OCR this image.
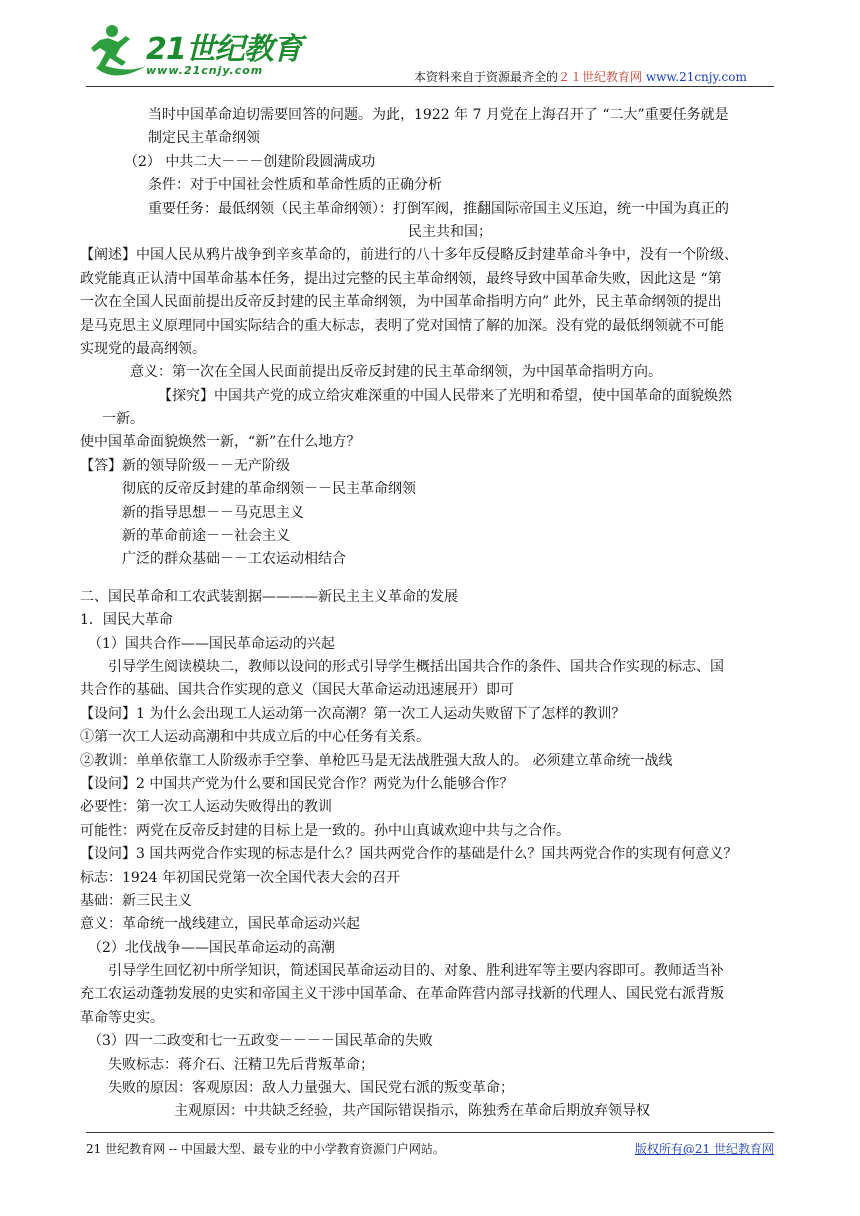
21世纪教育
www.21cnjy.com	本资料来自于资源最齐全的２１世纪教育网 www.21cnjy.com
当时中国革命迫切需要回答的问题。为此，1922 年 7 月党在上海召开了 “二大”重要任务就是
制定民主革命纲领
（2） 中共二大－－－创建阶段圆满成功
条件：对于中国社会性质和革命性质的正确分析
重要任务：最低纲领（民主革命纲领）：打倒军阀，推翻国际帝国主义压迫，统一中国为真正的
民主共和国；
【阐述】中国人民从鸦片战争到辛亥革命的，前进行的八十多年反侵略反封建革命斗争中，没有一个阶级、
政党能真正认清中国革命基本任务，提出过完整的民主革命纲领，最终导致中国革命失败，因此这是 “第
一次在全国人民面前提出反帝反封建的民主革命纲领，为中国革命指明方向” 此外，民主革命纲领的提出
是马克思主义原理同中国实际结合的重大标志，表明了党对国情了解的加深。没有党的最低纲领就不可能
实现党的最高纲领。
意义：第一次在全国人民面前提出反帝反封建的民主革命纲领，为中国革命指明方向。
【探究】中国共产党的成立给灾难深重的中国人民带来了光明和希望，使中国革命的面貌焕然
一新。
使中国革命面貌焕然一新，“新”在什么地方？
【答】新的领导阶级－－无产阶级
彻底的反帝反封建的革命纲领－－民主革命纲领
新的指导思想－－马克思主义
新的革命前途－－社会主义
广泛的群众基础－－工农运动相结合
二、国民革命和工农武装割据————新民主主义革命的发展
1．国民大革命
（1）国共合作——国民革命运动的兴起
引导学生阅读模块二，教师以设问的形式引导学生概括出国共合作的条件、国共合作实现的标志、国
共合作的基础、国共合作实现的意义（国民大革命运动迅速展开）即可
【设问】1 为什么会出现工人运动第一次高潮？第一次工人运动失败留下了怎样的教训？
①第一次工人运动高潮和中共成立后的中心任务有关系。
②教训：单单依靠工人阶级赤手空拳、单枪匹马是无法战胜强大敌人的。 必须建立革命统一战线
【设问】2 中国共产党为什么要和国民党合作？两党为什么能够合作？
必要性：第一次工人运动失败得出的教训
可能性：两党在反帝反封建的目标上是一致的。孙中山真诚欢迎中共与之合作。
【设问】3 国共两党合作实现的标志是什么？国共两党合作的基础是什么？国共两党合作的实现有何意义？
标志：1924 年初国民党第一次全国代表大会的召开
基础：新三民主义
意义：革命统一战线建立，国民革命运动兴起
（2）北伐战争——国民革命运动的高潮
引导学生回忆初中所学知识，简述国民革命运动目的、对象、胜利进军等主要内容即可。教师适当补
充工农运动蓬勃发展的史实和帝国主义干涉中国革命、在革命阵营内部寻找新的代理人、国民党右派背叛
革命等史实。
（3）四一二政变和七一五政变－－－－国民革命的失败
失败标志：蒋介石、汪精卫先后背叛革命；
失败的原因：客观原因：敌人力量强大、国民党右派的叛变革命；
主观原因：中共缺乏经验，共产国际错误指示，陈独秀在革命后期放弃领导权
21 世纪教育网 -- 中国最大型、最专业的中小学教育资源门户网站。	版权所有@21 世纪教育网
